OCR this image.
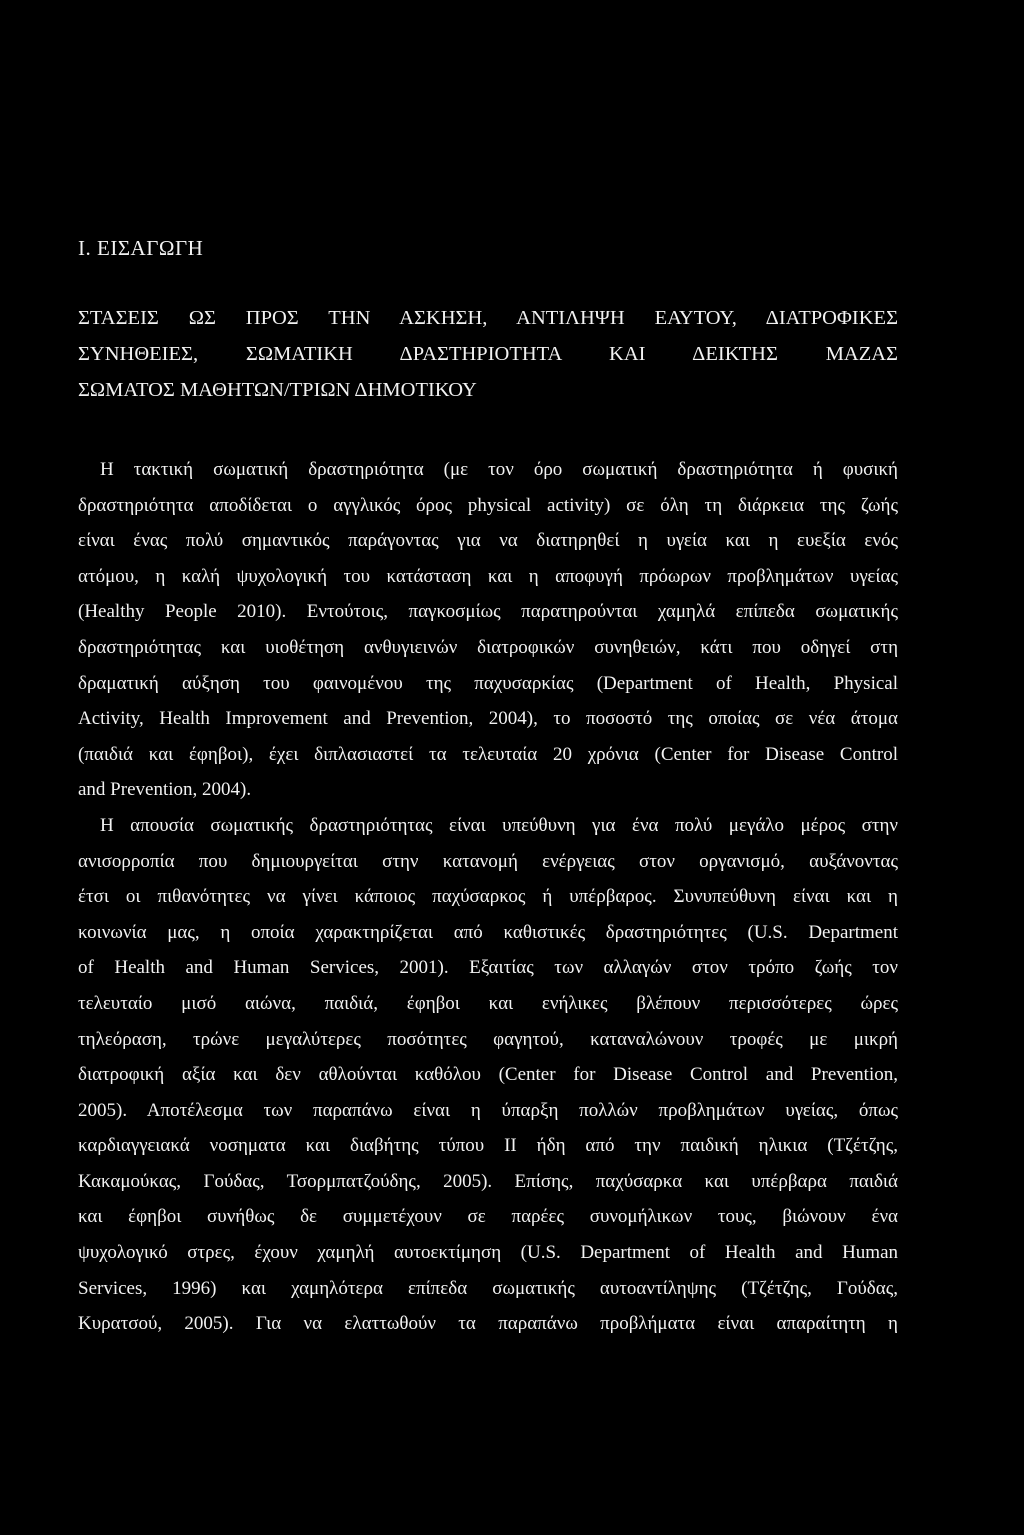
I. ΕΙΣΑΓΩΓΗ
ΣΤΑΣΕΙΣ ΩΣ ΠΡΟΣ ΤΗΝ ΑΣΚΗΣΗ, ΑΝΤΙΛΗΨΗ ΕΑΥΤΟΥ, ΔΙΑΤΡΟΦΙΚΕΣ
ΣΥΝΗΘΕΙΕΣ, ΣΩΜΑΤΙΚΗ ΔΡΑΣΤΗΡΙΟΤΗΤΑ ΚΑΙ ΔΕΙΚΤΗΣ ΜΑΖΑΣ
ΣΩΜΑΤΟΣ ΜΑΘΗΤΩΝ/ΤΡΙΩΝ ΔΗΜΟΤΙΚΟΥ
Η τακτική σωματική δραστηριότητα (με τον όρο σωματική δραστηριότητα ή φυσική
δραστηριότητα αποδίδεται ο αγγλικός όρος physical activity) σε όλη τη διάρκεια της ζωής
είναι ένας πολύ σημαντικός παράγοντας για να διατηρηθεί η υγεία και η ευεξία ενός
ατόμου, η καλή ψυχολογική του κατάσταση και η αποφυγή πρόωρων προβλημάτων υγείας
(Healthy People 2010). Εντούτοις, παγκοσμίως παρατηρούνται χαμηλά επίπεδα σωματικής
δραστηριότητας και υιοθέτηση ανθυγιεινών διατροφικών συνηθειών, κάτι που οδηγεί στη
δραματική αύξηση του φαινομένου της παχυσαρκίας (Department of Health, Physical
Activity, Health Improvement and Prevention, 2004), το ποσοστό της οποίας σε νέα άτομα
(παιδιά και έφηβοι), έχει διπλασιαστεί τα τελευταία 20 χρόνια (Center for Disease Control
and Prevention, 2004).
Η απουσία σωματικής δραστηριότητας είναι υπεύθυνη για ένα πολύ μεγάλο μέρος στην
ανισορροπία που δημιουργείται στην κατανομή ενέργειας στον οργανισμό, αυξάνοντας
έτσι οι πιθανότητες να γίνει κάποιος παχύσαρκος ή υπέρβαρος. Συνυπεύθυνη είναι και η
κοινωνία μας, η οποία χαρακτηρίζεται από καθιστικές δραστηριότητες (U.S. Department
of Health and Human Services, 2001). Εξαιτίας των αλλαγών στον τρόπο ζωής τον
τελευταίο μισό αιώνα, παιδιά, έφηβοι και ενήλικες βλέπουν περισσότερες ώρες
τηλεόραση, τρώνε μεγαλύτερες ποσότητες φαγητού, καταναλώνουν τροφές με μικρή
διατροφική αξία και δεν αθλούνται καθόλου (Center for Disease Control and Prevention,
2005). Αποτέλεσμα των παραπάνω είναι η ύπαρξη πολλών προβλημάτων υγείας, όπως
καρδιαγγειακά νοσηματα και διαβήτης τύπου ΙΙ ήδη από την παιδική ηλικια (Τζέτζης,
Κακαμούκας, Γούδας, Τσορμπατζούδης, 2005). Επίσης, παχύσαρκα και υπέρβαρα παιδιά
και έφηβοι συνήθως δε συμμετέχουν σε παρέες συνομήλικων τους, βιώνουν ένα
ψυχολογικό στρες, έχουν χαμηλή αυτοεκτίμηση (U.S. Department of Health and Human
Services, 1996) και χαμηλότερα επίπεδα σωματικής αυτοαντίληψης (Τζέτζης, Γούδας,
Κυρατσού, 2005). Για να ελαττωθούν τα παραπάνω προβλήματα είναι απαραίτητη η
